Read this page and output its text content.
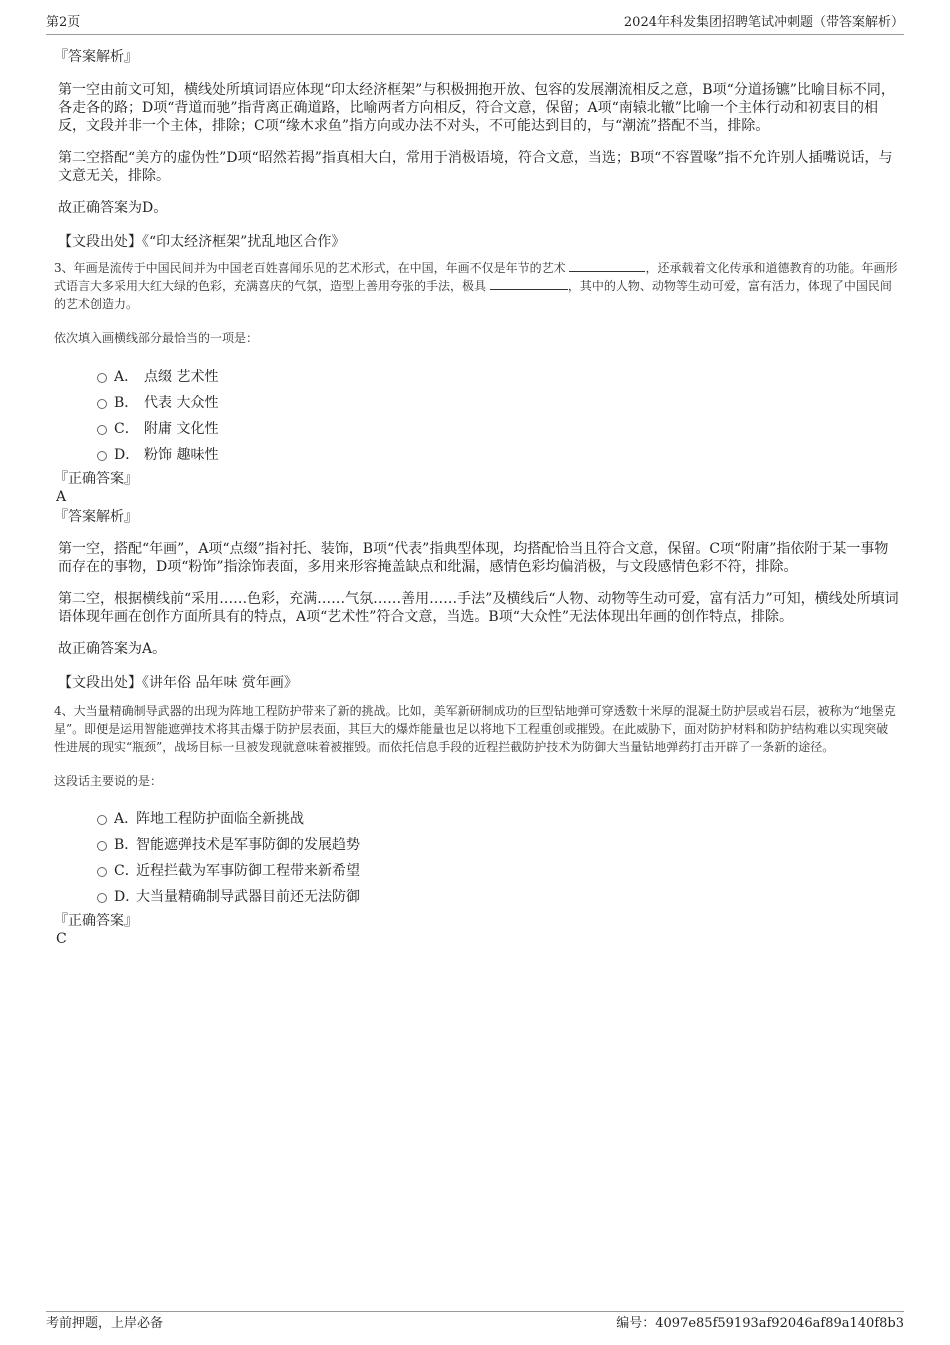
第2页	2024年科发集团招聘笔试冲刺题（带答案解析）
『答案解析』

第一空由前文可知，横线处所填词语应体现“印太经济框架”与积极拥抱开放、包容的发展潮流相反之意，B项“分道扬镳”比喻目标不同，各走各的路；D项“背道而驰”指背离正确道路，比喻两者方向相反，符合文意，保留；A项“南辕北辙”比喻一个主体行动和初衷目的相反，文段并非一个主体，排除；C项“缘木求鱼”指方向或办法不对头，不可能达到目的，与“潮流”搭配不当，排除。

第二空搭配“美方的虚伪性”D项“昭然若揭”指真相大白，常用于消极语境，符合文意，当选；B项“不容置喙”指不允许别人插嘴说话，与文意无关，排除。

故正确答案为D。

【文段出处】《“印太经济框架”扰乱地区合作》

3、年画是流传于中国民间并为中国老百姓喜闻乐见的艺术形式，在中国，年画不仅是年节的艺术	，还承载着文化传承和道德教育的功能。年画形式语言大多采用大红大绿的色彩，充满喜庆的气氛，造型上善用夸张的手法，极具	，其中的人物、动物等生动可爱，富有活力，体现了中国民间的艺术创造力。

依次填入画横线部分最恰当的一项是：

A． 点缀 艺术性
B． 代表 大众性
C． 附庸 文化性
D． 粉饰 趣味性
『正确答案』
A
『答案解析』

第一空，搭配“年画”，A项“点缀”指衬托、装饰，B项“代表”指典型体现，均搭配恰当且符合文意，保留。C项“附庸”指依附于某一事物而存在的事物，D项“粉饰”指涂饰表面，多用来形容掩盖缺点和纰漏，感情色彩均偏消极，与文段感情色彩不符，排除。

第二空，根据横线前“采用……色彩，充满……气氛……善用……手法”及横线后“人物、动物等生动可爱，富有活力”可知，横线处所填词语体现年画在创作方面所具有的特点，A项“艺术性”符合文意，当选。B项“大众性”无法体现出年画的创作特点，排除。

故正确答案为A。

【文段出处】《讲年俗 品年味 赏年画》

4、大当量精确制导武器的出现为阵地工程防护带来了新的挑战。比如，美军新研制成功的巨型钻地弹可穿透数十米厚的混凝土防护层或岩石层，被称为“地堡克星”。即便是运用智能遮弹技术将其击爆于防护层表面，其巨大的爆炸能量也足以将地下工程重创或摧毁。在此威胁下，面对防护材料和防护结构难以实现突破性进展的现实“瓶颈”，战场目标一旦被发现就意味着被摧毁。而依托信息手段的近程拦截防护技术为防御大当量钻地弹药打击开辟了一条新的途径。

这段话主要说的是：

A．阵地工程防护面临全新挑战
B．智能遮弹技术是军事防御的发展趋势
C．近程拦截为军事防御工程带来新希望
D．大当量精确制导武器目前还无法防御
『正确答案』
C
考前押题，上岸必备	编号：4097e85f59193af92046af89a140f8b3
